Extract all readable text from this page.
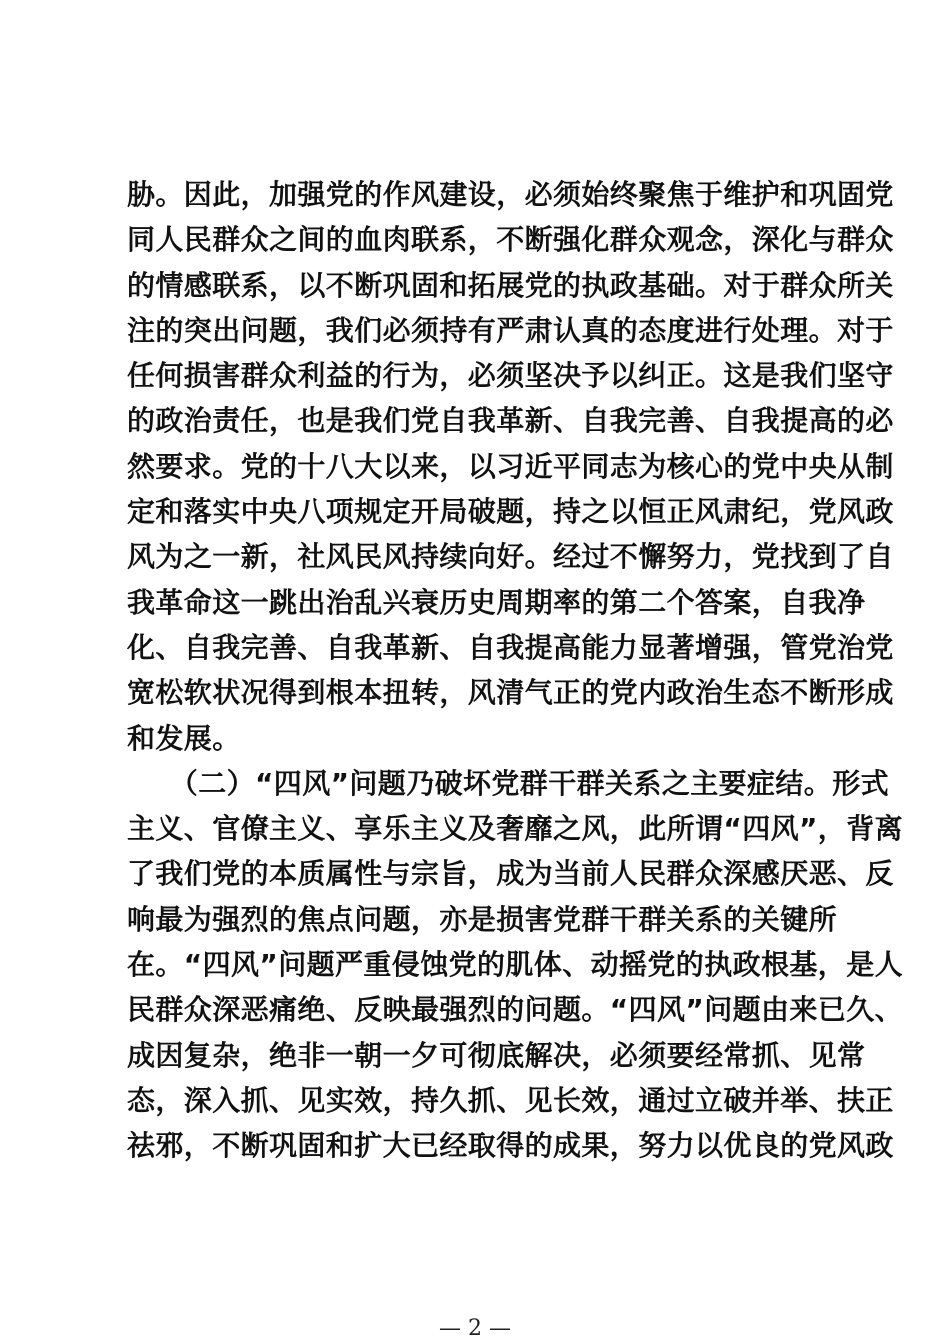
胁。因此，加强党的作风建设，必须始终聚焦于维护和巩固党
同人民群众之间的血肉联系，不断强化群众观念，深化与群众
的情感联系，以不断巩固和拓展党的执政基础。对于群众所关
注的突出问题，我们必须持有严肃认真的态度进行处理。对于
任何损害群众利益的行为，必须坚决予以纠正。这是我们坚守
的政治责任，也是我们党自我革新、自我完善、自我提高的必
然要求。党的十八大以来，以习近平同志为核心的党中央从制
定和落实中央八项规定开局破题，持之以恒正风肃纪，党风政
风为之一新，社风民风持续向好。经过不懈努力，党找到了自
我革命这一跳出治乱兴衰历史周期率的第二个答案，自我净
化、自我完善、自我革新、自我提高能力显著增强，管党治党
宽松软状况得到根本扭转，风清气正的党内政治生态不断形成
和发展。
　　（二）“四风”问题乃破坏党群干群关系之主要症结。形式
主义、官僚主义、享乐主义及奢靡之风，此所谓“四风”，背离
了我们党的本质属性与宗旨，成为当前人民群众深感厌恶、反
响最为强烈的焦点问题，亦是损害党群干群关系的关键所
在。“四风”问题严重侵蚀党的肌体、动摇党的执政根基，是人
民群众深恶痛绝、反映最强烈的问题。“四风”问题由来已久、
成因复杂，绝非一朝一夕可彻底解决，必须要经常抓、见常
态，深入抓、见实效，持久抓、见长效，通过立破并举、扶正
祛邪，不断巩固和扩大已经取得的成果，努力以优良的党风政
— 2 —
